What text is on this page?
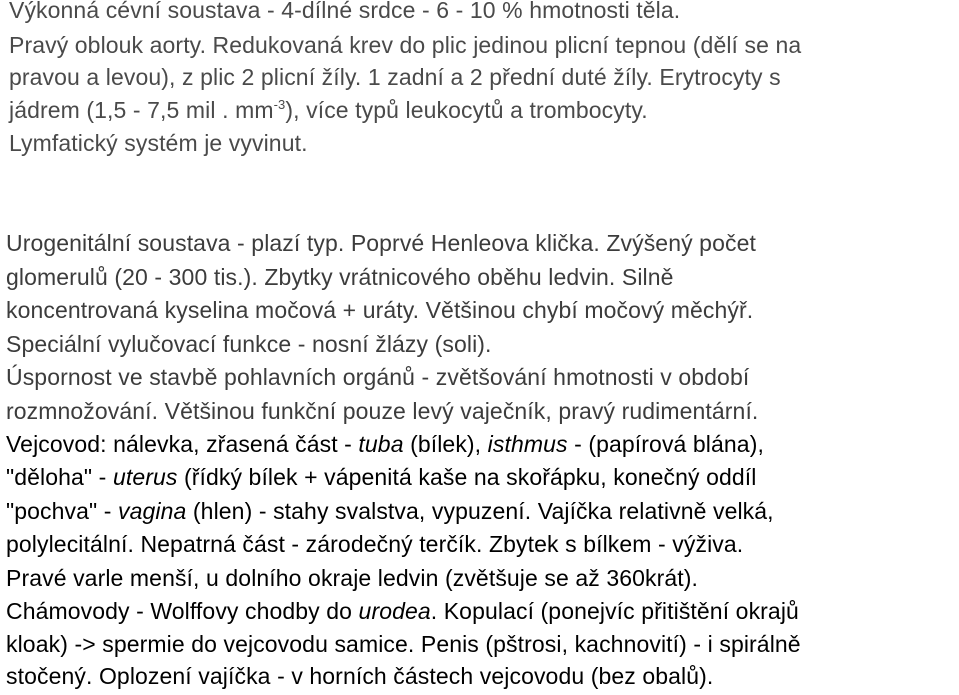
Výkonná cévní soustava - 4-dílné srdce - 6 - 10 % hmotnosti těla.
Pravý oblouk aorty. Redukovaná krev do plic jedinou plicní tepnou (dělí se na
pravou a levou), z plic 2 plicní žíly. 1 zadní a 2 přední duté žíly. Erytrocyty s
jádrem (1,5 - 7,5 mil . $mm^{-3}$), více typů leukocytů a trombocyty.
Lymfatický systém je vyvinut.
Urogenitální soustava - plazí typ. Poprvé Henleova klička. Zvýšený počet
glomerulů (20 - 300 tis.). Zbytky vrátnicového oběhu ledvin. Silně
koncentrovaná kyselina močová + uráty. Většinou chybí močový měchýř.
Speciální vylučovací funkce - nosní žlázy (soli).
Úspornost ve stavbě pohlavních orgánů - zvětšování hmotnosti v období
rozmnožování. Většinou funkční pouze levý vaječník, pravý rudimentární.
Vejcovod: nálevka, zřasená část - tuba (bílek), isthmus - (papírová blána),
"děloha" - uterus (řídký bílek + vápenitá kaše na skořápku, konečný oddíl
"pochva" - vagina (hlen) - stahy svalstva, vypuzení. Vajíčka relativně velká,
polylecitální. Nepatrná část - zárodečný terčík. Zbytek s bílkem - výživa.
Pravé varle menší, u dolního okraje ledvin (zvětšuje se až 360krát).
Chámovody - Wolffovy chodby do urodea. Kopulací (ponejvíc přitištění okrajů
kloak) -> spermie do vejcovodu samice. Penis (pštrosi, kachnovití) - i spirálně
stočený. Oplození vajíčka - v horních částech vejcovodu (bez obalů).
